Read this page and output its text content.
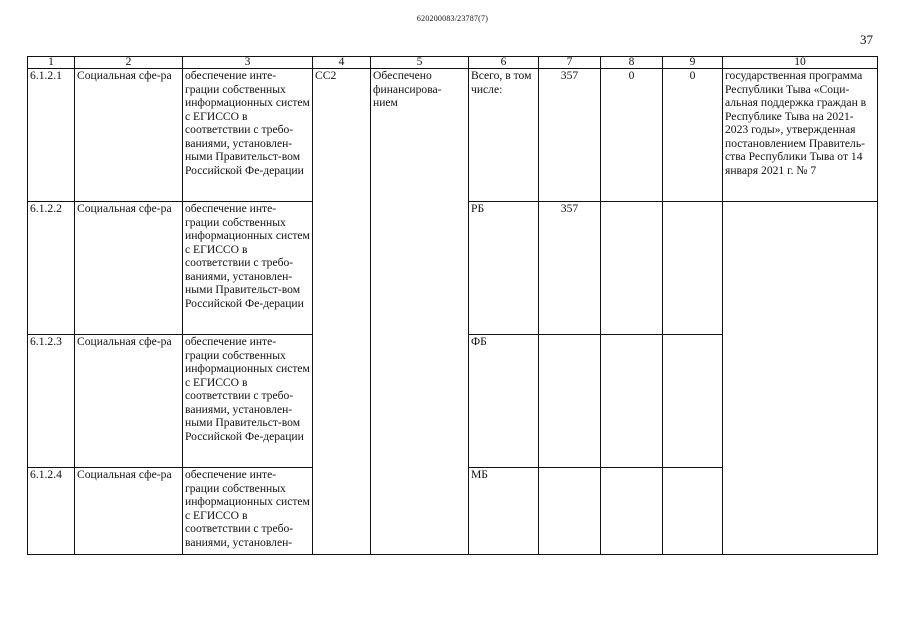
620200083/23787(7)
37
1	2	3	4	5	6	7	8	9	10
6.1.2.1	Социальная сфе-ра	обеспечение инте-грации собственных информационных систем с ЕГИССО в соответствии с требо-ваниями, установлен-ными Правительст-вом Российской Фе-дерации	СС2	Обеспечено
финансирова-
нием	Всего, в том числе:	357	0	0	государственная программа Республики Тыва «Соци-альная поддержка граждан в Республике Тыва на 2021-2023 годы», утвержденная постановлением Правитель-ства Республики Тыва от 14 января 2021 г. № 7
6.1.2.2	Социальная сфе-ра	обеспечение инте-грации собственных информационных систем с ЕГИССО в соответствии с требо-ваниями, установлен-ными Правительст-вом Российской Фе-дерации			РБ	357			
6.1.2.3	Социальная сфе-ра	обеспечение инте-грации собственных информационных систем с ЕГИССО в соответствии с требо-ваниями, установлен-ными Правительст-вом Российской Фе-дерации			ФБ				
6.1.2.4	Социальная сфе-ра	обеспечение инте-грации собственных информационных систем с ЕГИССО в соответствии с требо-ваниями, установлен-			МБ				
